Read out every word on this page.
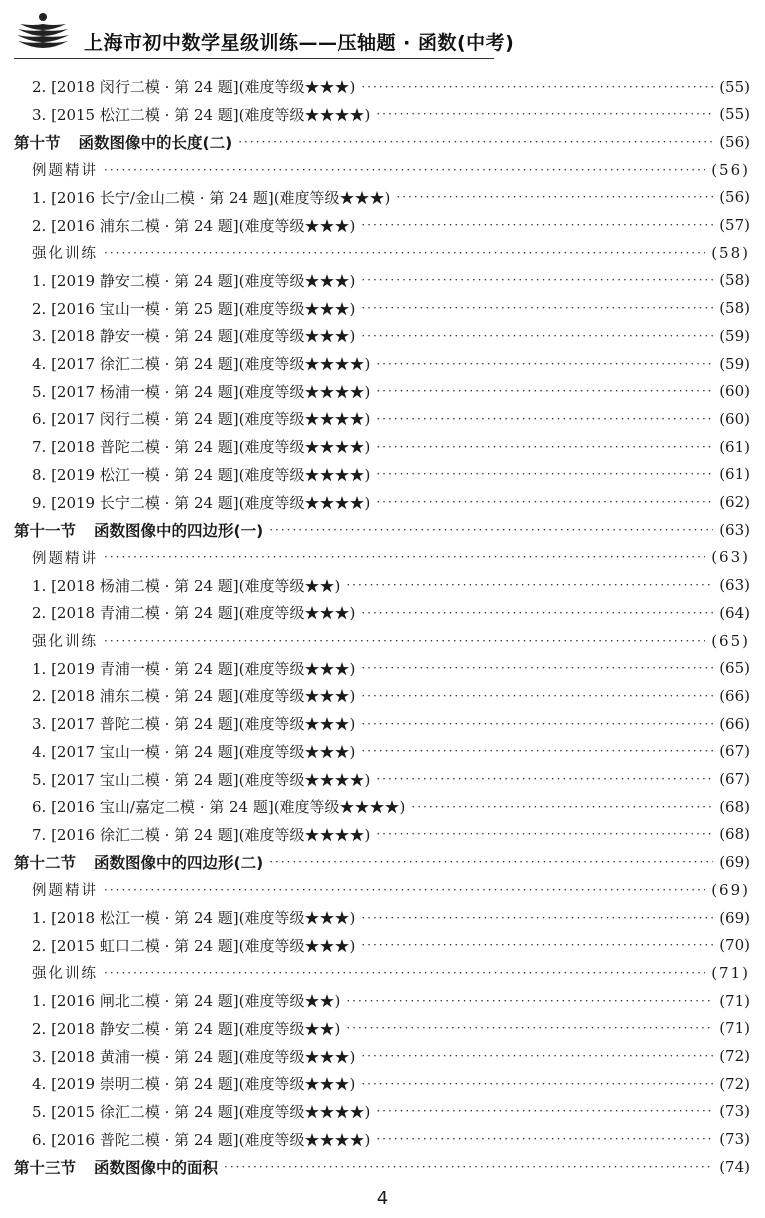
上海市初中数学星级训练——压轴题 · 函数(中考)
2. [2018 闵行二模 · 第 24 题](难度等级★★★) ·····	(55)
3. [2015 松江二模 · 第 24 题](难度等级★★★★) ·····	(55)
第十节 函数图像中的长度(二) ·····	(56)
例题精讲 ·····	(56)
1. [2016 长宁/金山二模 · 第 24 题](难度等级★★★) ·····	(56)
2. [2016 浦东二模 · 第 24 题](难度等级★★★) ·····	(57)
强化训练 ·····	(58)
1. [2019 静安二模 · 第 24 题](难度等级★★★) ·····	(58)
2. [2016 宝山一模 · 第 25 题](难度等级★★★) ·····	(58)
3. [2018 静安一模 · 第 24 题](难度等级★★★) ·····	(59)
4. [2017 徐汇二模 · 第 24 题](难度等级★★★★) ·····	(59)
5. [2017 杨浦一模 · 第 24 题](难度等级★★★★) ·····	(60)
6. [2017 闵行二模 · 第 24 题](难度等级★★★★) ·····	(60)
7. [2018 普陀二模 · 第 24 题](难度等级★★★★) ·····	(61)
8. [2019 松江一模 · 第 24 题](难度等级★★★★) ·····	(61)
9. [2019 长宁二模 · 第 24 题](难度等级★★★★) ·····	(62)
第十一节 函数图像中的四边形(一) ·····	(63)
例题精讲 ·····	(63)
1. [2018 杨浦二模 · 第 24 题](难度等级★★) ·····	(63)
2. [2018 青浦二模 · 第 24 题](难度等级★★★) ·····	(64)
强化训练 ·····	(65)
1. [2019 青浦一模 · 第 24 题](难度等级★★★) ·····	(65)
2. [2018 浦东二模 · 第 24 题](难度等级★★★) ·····	(66)
3. [2017 普陀二模 · 第 24 题](难度等级★★★) ·····	(66)
4. [2017 宝山一模 · 第 24 题](难度等级★★★) ·····	(67)
5. [2017 宝山二模 · 第 24 题](难度等级★★★★) ·····	(67)
6. [2016 宝山/嘉定二模 · 第 24 题](难度等级★★★★) ·····	(68)
7. [2016 徐汇二模 · 第 24 题](难度等级★★★★) ·····	(68)
第十二节 函数图像中的四边形(二) ·····	(69)
例题精讲 ·····	(69)
1. [2018 松江一模 · 第 24 题](难度等级★★★) ·····	(69)
2. [2015 虹口二模 · 第 24 题](难度等级★★★) ·····	(70)
强化训练 ·····	(71)
1. [2016 闸北二模 · 第 24 题](难度等级★★) ·····	(71)
2. [2018 静安二模 · 第 24 题](难度等级★★) ·····	(71)
3. [2018 黄浦一模 · 第 24 题](难度等级★★★) ·····	(72)
4. [2019 崇明二模 · 第 24 题](难度等级★★★) ·····	(72)
5. [2015 徐汇二模 · 第 24 题](难度等级★★★★) ·····	(73)
6. [2016 普陀二模 · 第 24 题](难度等级★★★★) ·····	(73)
第十三节 函数图像中的面积 ·····	(74)
4
